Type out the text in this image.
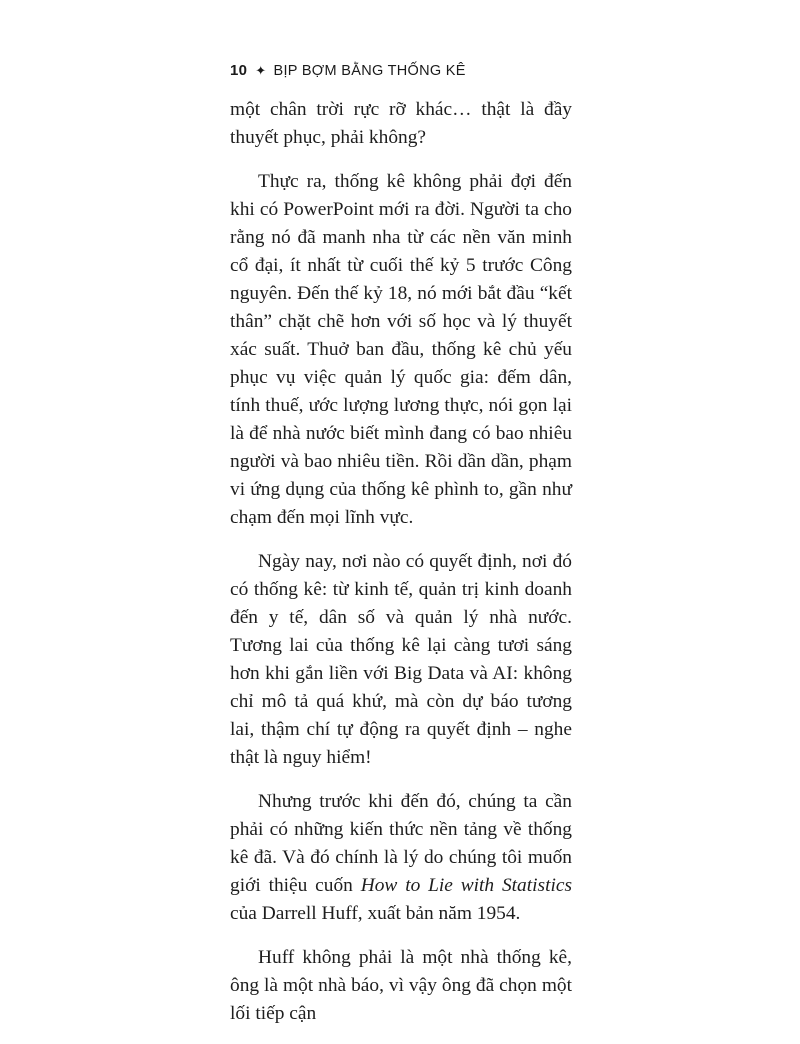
10 ✦ BỊP BỢM BẰNG THỐNG KÊ

một chân trời rực rỡ khác… thật là đầy thuyết phục, phải không?

Thực ra, thống kê không phải đợi đến khi có PowerPoint mới ra đời. Người ta cho rằng nó đã manh nha từ các nền văn minh cổ đại, ít nhất từ cuối thế kỷ 5 trước Công nguyên. Đến thế kỷ 18, nó mới bắt đầu “kết thân” chặt chẽ hơn với số học và lý thuyết xác suất. Thuở ban đầu, thống kê chủ yếu phục vụ việc quản lý quốc gia: đếm dân, tính thuế, ước lượng lương thực, nói gọn lại là để nhà nước biết mình đang có bao nhiêu người và bao nhiêu tiền. Rồi dần dần, phạm vi ứng dụng của thống kê phình to, gần như chạm đến mọi lĩnh vực.

Ngày nay, nơi nào có quyết định, nơi đó có thống kê: từ kinh tế, quản trị kinh doanh đến y tế, dân số và quản lý nhà nước. Tương lai của thống kê lại càng tươi sáng hơn khi gắn liền với Big Data và AI: không chỉ mô tả quá khứ, mà còn dự báo tương lai, thậm chí tự động ra quyết định – nghe thật là nguy hiểm!

Nhưng trước khi đến đó, chúng ta cần phải có những kiến thức nền tảng về thống kê đã. Và đó chính là lý do chúng tôi muốn giới thiệu cuốn How to Lie with Statistics của Darrell Huff, xuất bản năm 1954.

Huff không phải là một nhà thống kê, ông là một nhà báo, vì vậy ông đã chọn một lối tiếp cận
